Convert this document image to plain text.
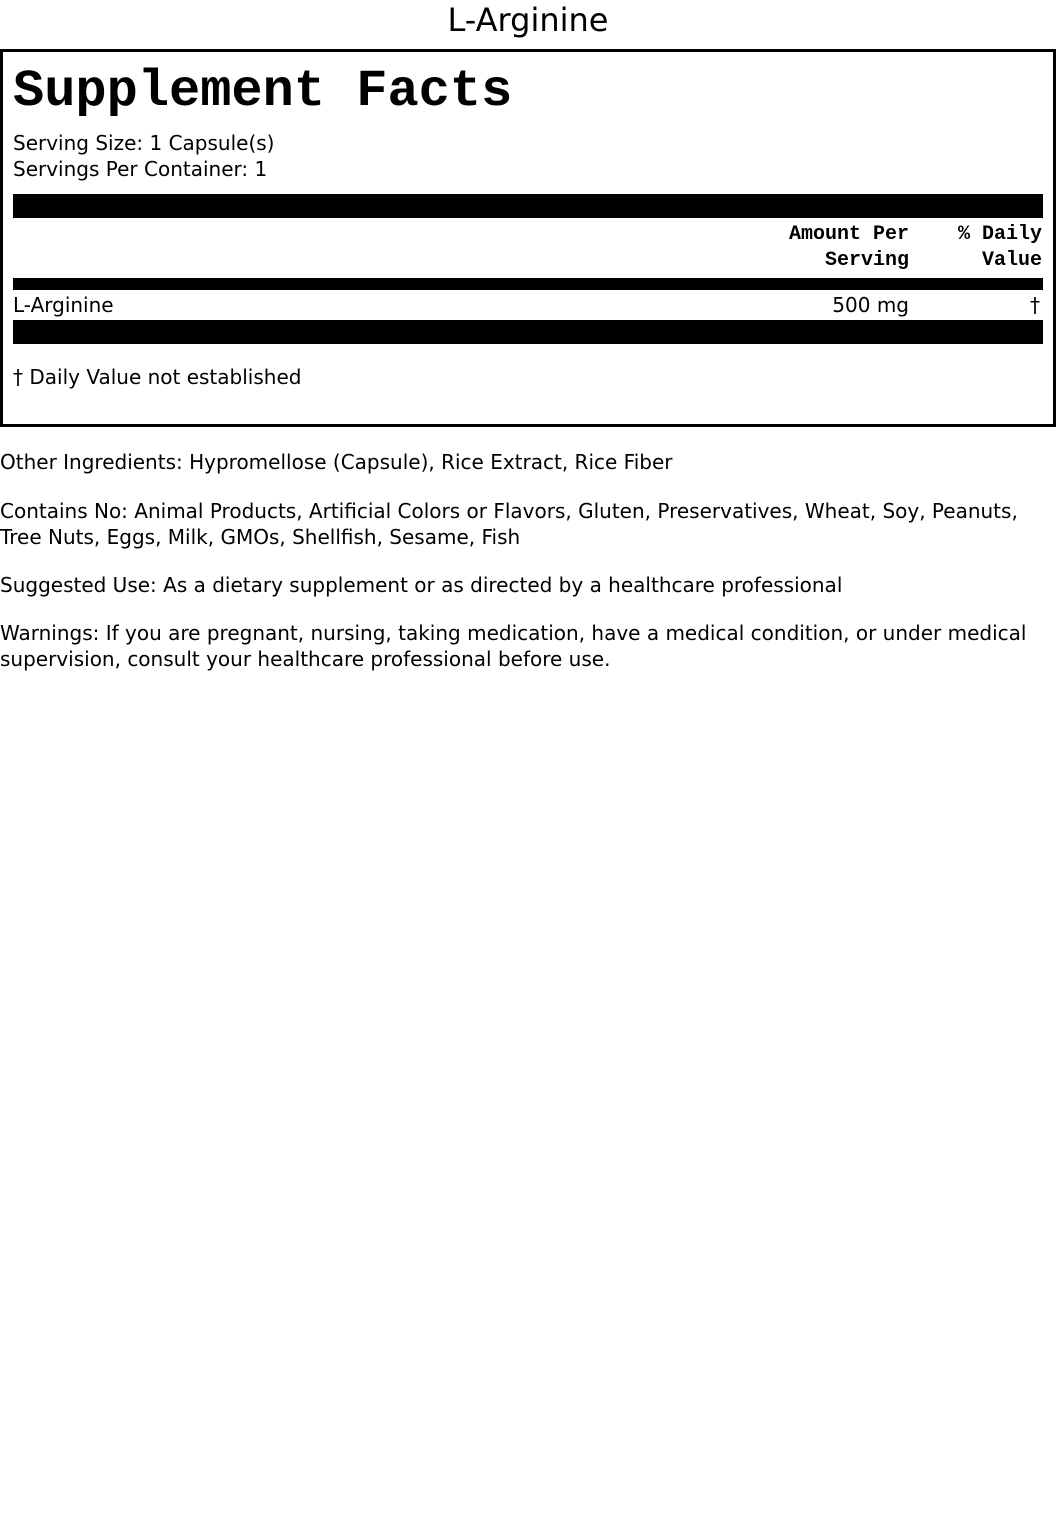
L-Arginine
Supplement Facts
Serving Size: 1 Capsule(s)
Servings Per Container: 1
Amount Per
Serving
% Daily
Value
L-Arginine	500 mg	†
† Daily Value not established
Other Ingredients: Hypromellose (Capsule), Rice Extract, Rice Fiber
Contains No: Animal Products, Artificial Colors or Flavors, Gluten, Preservatives, Wheat, Soy, Peanuts, Tree Nuts, Eggs, Milk, GMOs, Shellfish, Sesame, Fish
Suggested Use: As a dietary supplement or as directed by a healthcare professional
Warnings: If you are pregnant, nursing, taking medication, have a medical condition, or under medical supervision, consult your healthcare professional before use.
